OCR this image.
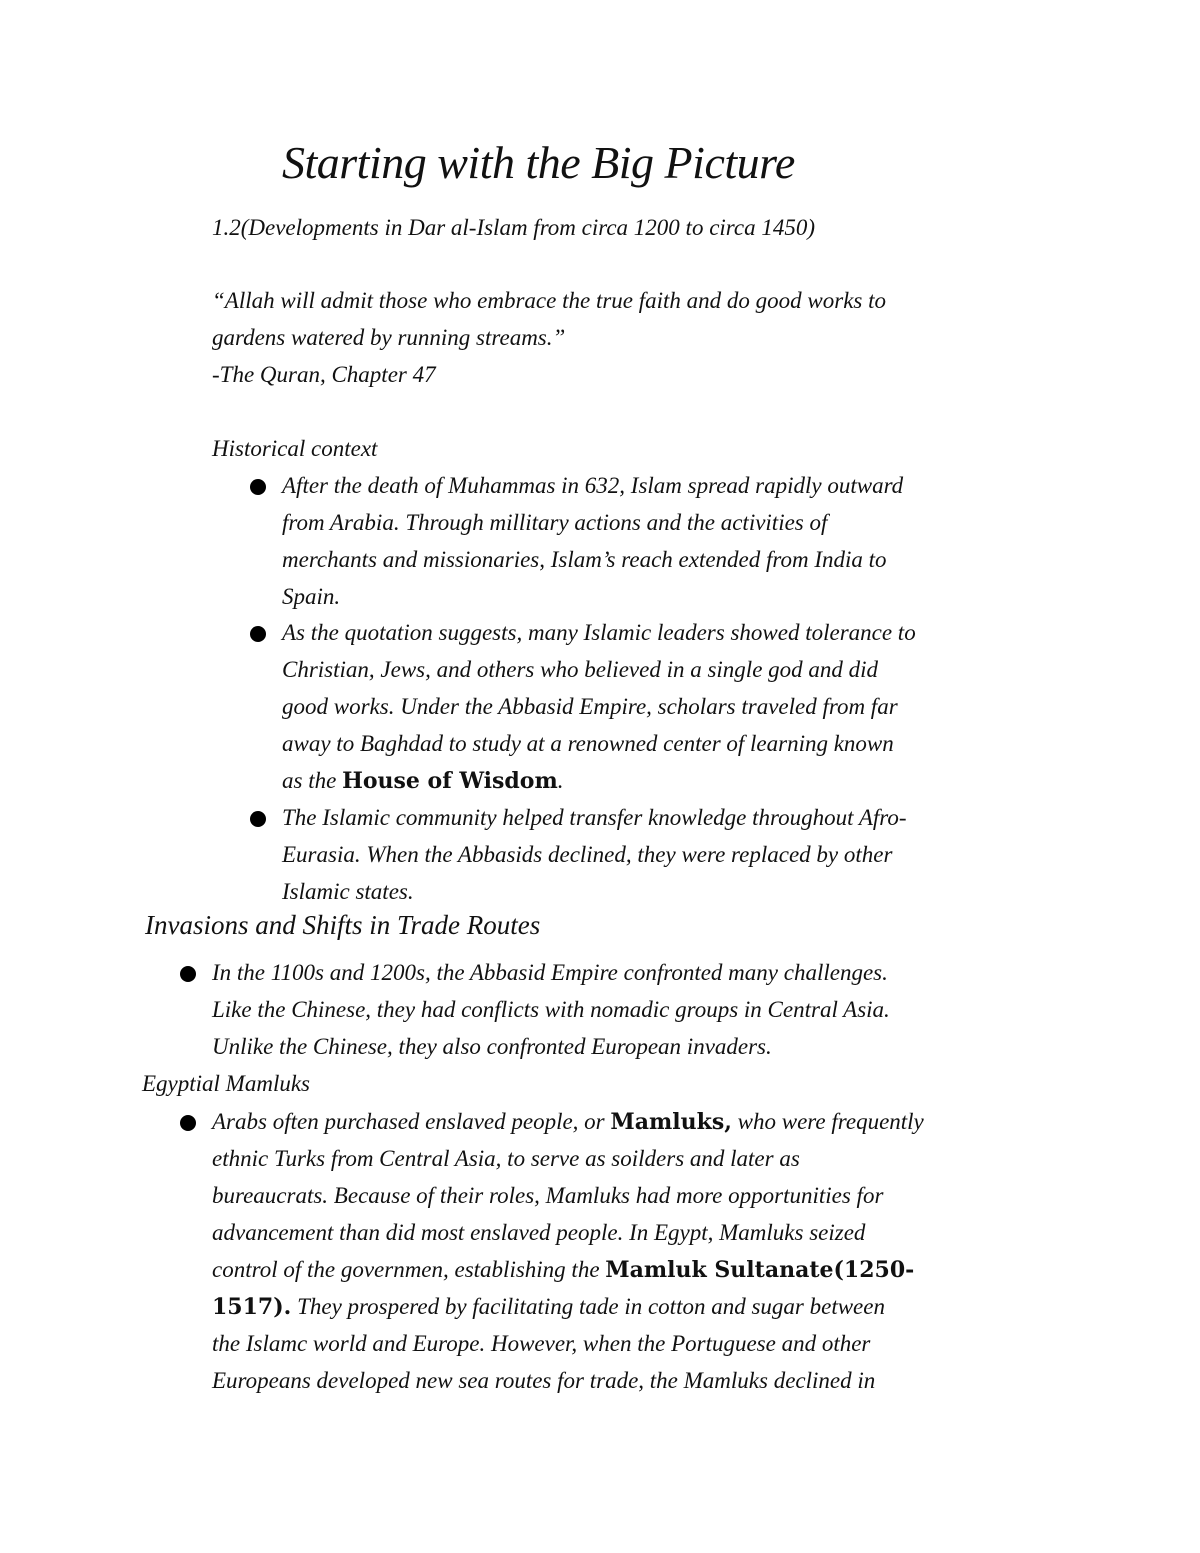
Starting with the Big Picture
1.2(Developments in Dar al-Islam from circa 1200 to circa 1450)
“Allah will admit those who embrace the true faith and do good works to
gardens watered by running streams.”
-The Quran, Chapter 47
Historical context
After the death of Muhammas in 632, Islam spread rapidly outward
from Arabia. Through millitary actions and the activities of
merchants and missionaries, Islam’s reach extended from India to
Spain.
As the quotation suggests, many Islamic leaders showed tolerance to
Christian, Jews, and others who believed in a single god and did
good works. Under the Abbasid Empire, scholars traveled from far
away to Baghdad to study at a renowned center of learning known
as the House of Wisdom.
The Islamic community helped transfer knowledge throughout Afro-
Eurasia. When the Abbasids declined, they were replaced by other
Islamic states.
Invasions and Shifts in Trade Routes
In the 1100s and 1200s, the Abbasid Empire confronted many challenges.
Like the Chinese, they had conflicts with nomadic groups in Central Asia.
Unlike the Chinese, they also confronted European invaders.
Egyptial Mamluks
Arabs often purchased enslaved people, or Mamluks, who were frequently
ethnic Turks from Central Asia, to serve as soilders and later as
bureaucrats. Because of their roles, Mamluks had more opportunities for
advancement than did most enslaved people. In Egypt, Mamluks seized
control of the governmen, establishing the Mamluk Sultanate(1250-
1517). They prospered by facilitating tade in cotton and sugar between
the Islamc world and Europe. However, when the Portuguese and other
Europeans developed new sea routes for trade, the Mamluks declined in
